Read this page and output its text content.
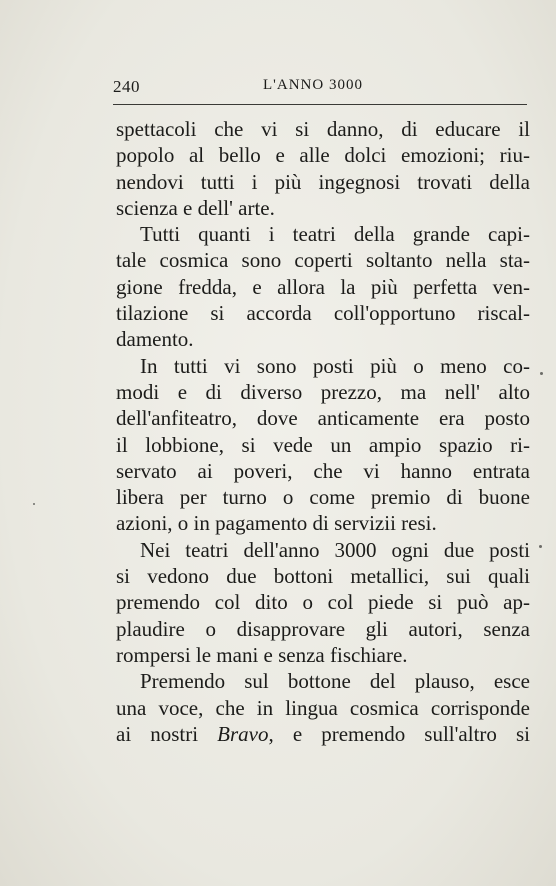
240	L'ANNO 3000
spettacoli che vi si danno, di educare il
popolo al bello e alle dolci emozioni; riu-
nendovi tutti i più ingegnosi trovati della
scienza e dell' arte.
Tutti quanti i teatri della grande capi-
tale cosmica sono coperti soltanto nella sta-
gione fredda, e allora la più perfetta ven-
tilazione si accorda coll'opportuno riscal-
damento.
In tutti vi sono posti più o meno co-
modi e di diverso prezzo, ma nell' alto
dell'anfiteatro, dove anticamente era posto
il lobbione, si vede un ampio spazio ri-
servato ai poveri, che vi hanno entrata
libera per turno o come premio di buone
azioni, o in pagamento di servizii resi.
Nei teatri dell'anno 3000 ogni due posti
si vedono due bottoni metallici, sui quali
premendo col dito o col piede si può ap-
plaudire o disapprovare gli autori, senza
rompersi le mani e senza fischiare.
Premendo sul bottone del plauso, esce
una voce, che in lingua cosmica corrisponde
ai nostri Bravo, e premendo sull'altro si
